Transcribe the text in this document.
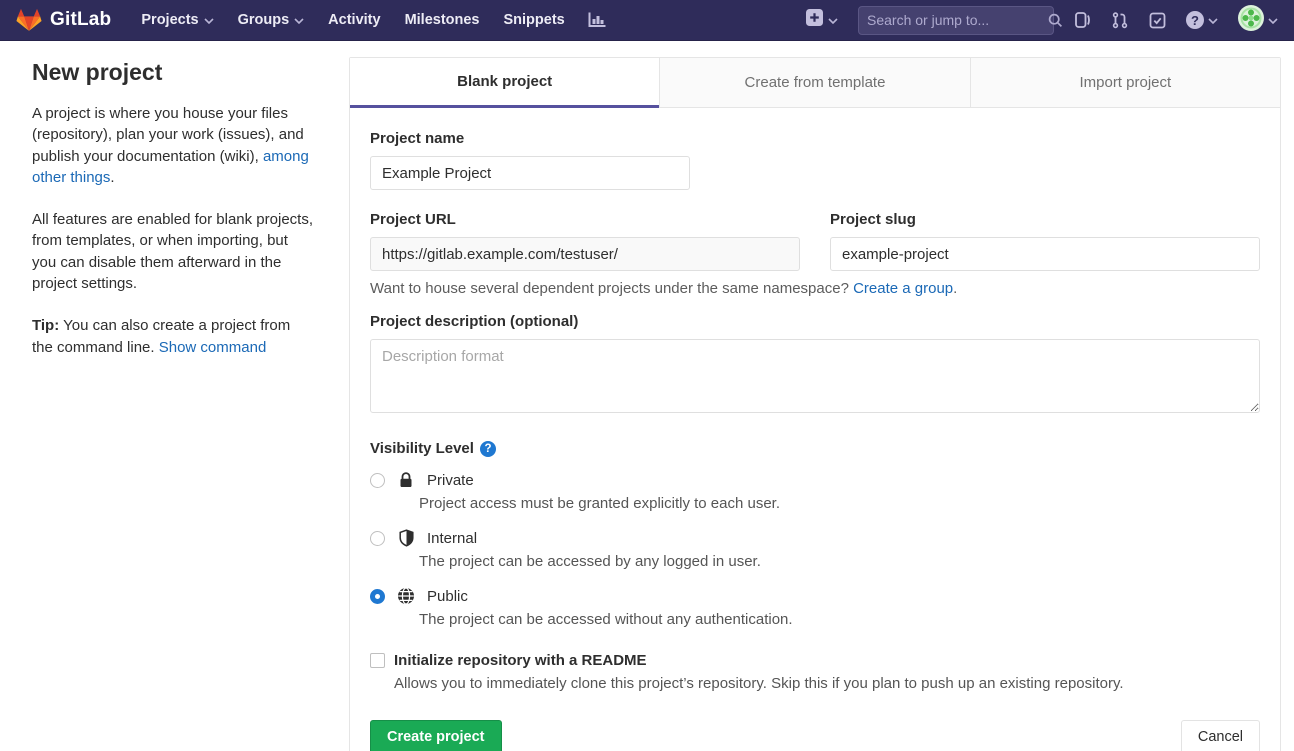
GitLab Projects	Groups	Activity Milestones Snippets
Search or jump to...	?
New project

A project is where you house your files (repository), plan your work (issues), and publish your documentation (wiki), among other things.

All features are enabled for blank projects, from templates, or when importing, but you can disable them afterward in the project settings.

Tip: You can also create a project from the command line. Show command

Blank project	Create from template	Import project
Project name
Example Project
Project URL
https://gitlab.example.com/testuser/
Project slug
example-project
Want to house several dependent projects under the same namespace? Create a group.
Project description (optional)
Description format
Visibility Level ?
Private
Project access must be granted explicitly to each user.
Internal
The project can be accessed by any logged in user.
Public
The project can be accessed without any authentication.
Initialize repository with a README
Allows you to immediately clone this project’s repository. Skip this if you plan to push up an existing repository.
Create project	Cancel
